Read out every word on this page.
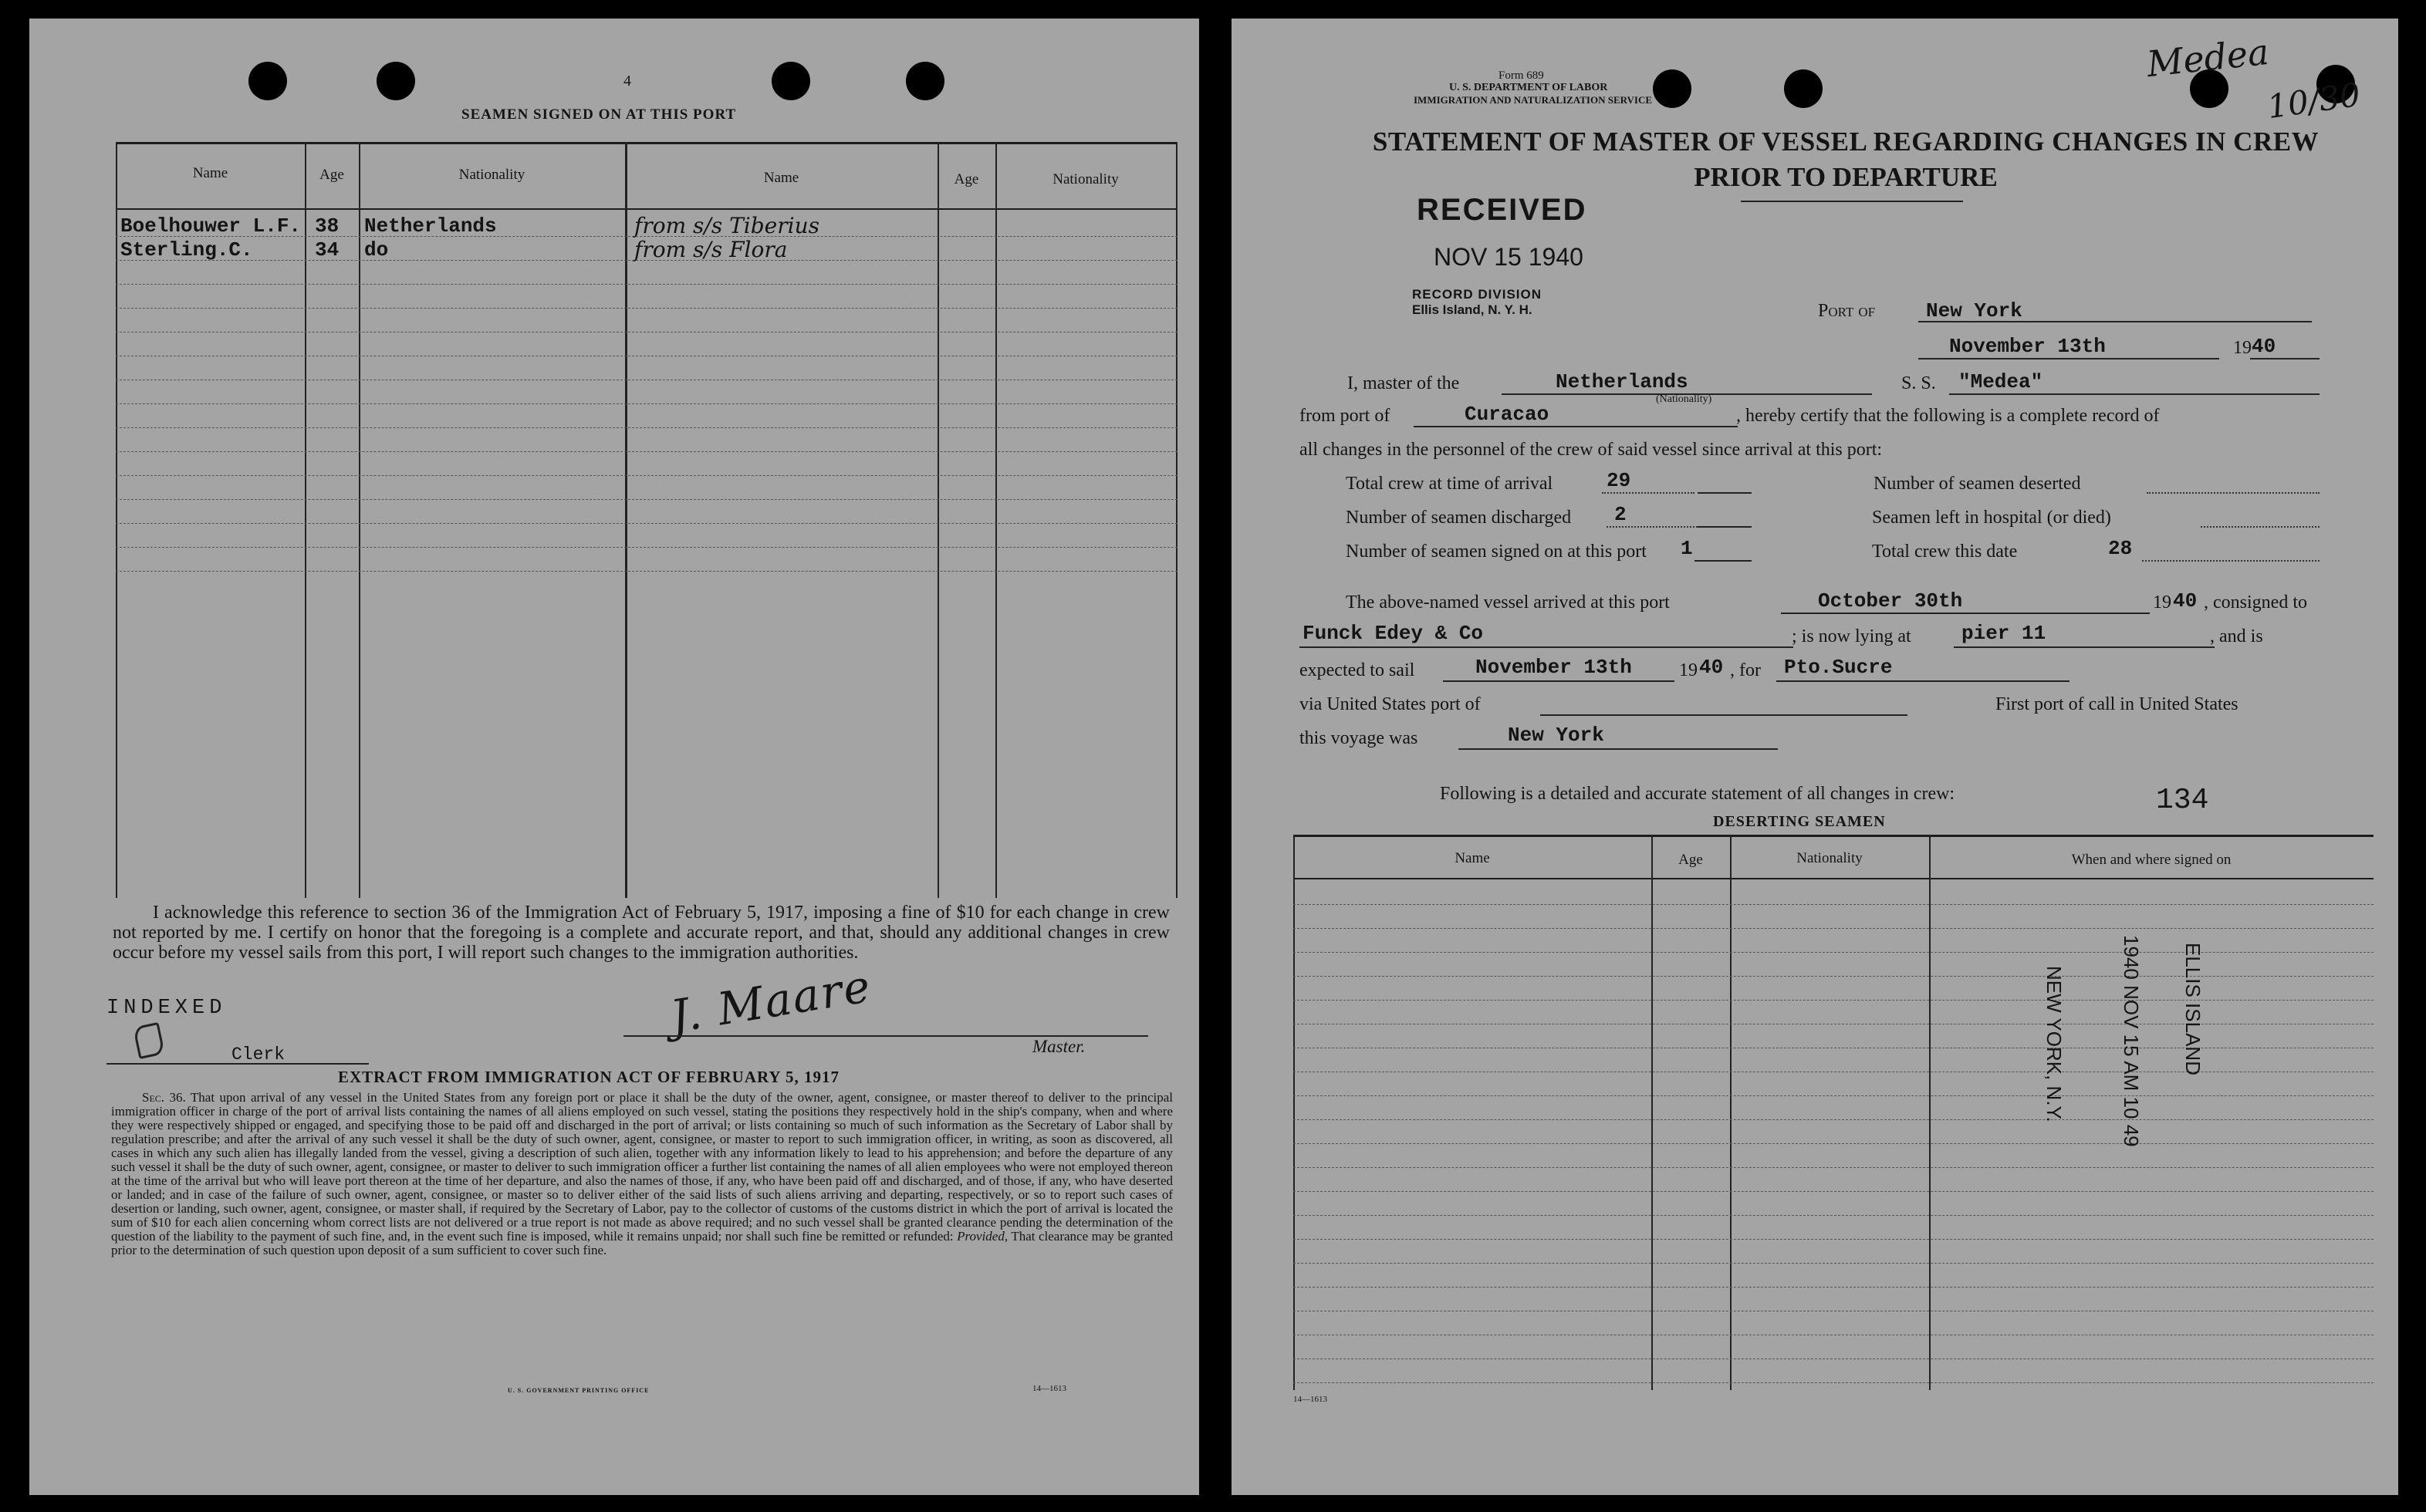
4
SEAMEN SIGNED ON AT THIS PORT
Name	Age	Nationality	Name	Age	Nationality
Boelhouwer L.F. 38 Netherlands	from s/s Tiberius
Sterling.C.	34 do	from s/s Flora
I acknowledge this reference to section 36 of the Immigration Act of February 5, 1917, imposing a fine of $10 for each change in crew not reported by me. I certify on honor that the foregoing is a complete and accurate report, and that, should any additional changes in crew occur before my vessel sails from this port, I will report such changes to the immigration authorities.
INDEXED
Clerk
J. Maare
Master.
EXTRACT FROM IMMIGRATION ACT OF FEBRUARY 5, 1917
Sec. 36. That upon arrival of any vessel in the United States from any foreign port or place it shall be the duty of the owner, agent, consignee, or master thereof to deliver to the principal immigration officer in charge of the port of arrival lists containing the names of all aliens employed on such vessel, stating the positions they respectively hold in the ship's company, when and where they were respectively shipped or engaged, and specifying those to be paid off and discharged in the port of arrival; or lists containing so much of such information as the Secretary of Labor shall by regulation prescribe; and after the arrival of any such vessel it shall be the duty of such owner, agent, consignee, or master to report to such immigration officer, in writing, as soon as discovered, all cases in which any such alien has illegally landed from the vessel, giving a description of such alien, together with any information likely to lead to his apprehension; and before the departure of any such vessel it shall be the duty of such owner, agent, consignee, or master to deliver to such immigration officer a further list containing the names of all alien employees who were not employed thereon at the time of the arrival but who will leave port thereon at the time of her departure, and also the names of those, if any, who have been paid off and discharged, and of those, if any, who have deserted or landed; and in case of the failure of such owner, agent, consignee, or master so to deliver either of the said lists of such aliens arriving and departing, respectively, or so to report such cases of desertion or landing, such owner, agent, consignee, or master shall, if required by the Secretary of Labor, pay to the collector of customs of the customs district in which the port of arrival is located the sum of $10 for each alien concerning whom correct lists are not delivered or a true report is not made as above required; and no such vessel shall be granted clearance pending the determination of the question of the liability to the payment of such fine, and, in the event such fine is imposed, while it remains unpaid; nor shall such fine be remitted or refunded: Provided, That clearance may be granted prior to the determination of such question upon deposit of a sum sufficient to cover such fine.
U. S. GOVERNMENT PRINTING OFFICE	14—1613
Medea
10/30
Form 689
U. S. DEPARTMENT OF LABOR
IMMIGRATION AND NATURALIZATION SERVICE
STATEMENT OF MASTER OF VESSEL REGARDING CHANGES IN CREW
PRIOR TO DEPARTURE
RECEIVED
NOV 15 1940
RECORD DIVISION
Ellis Island, N. Y. H.	Port of	New York
November 13th	19 40
I, master of the	Netherlands
(Nationality)
S. S. "Medea"
from port of	Curacao	, hereby certify that the following is a complete record of
all changes in the personnel of the crew of said vessel since arrival at this port:
Total crew at time of arrival	29	Number of seamen deserted
Number of seamen discharged 2	Seamen left in hospital (or died)
Number of seamen signed on at this port 1	Total crew this date	28
The above-named vessel arrived at this port	October 30th	19 40 , consigned to
Funck Edey & Co	; is now lying at	pier 11	, and is
expected to sail	November 13th	19 40 , for Pto.Sucre
via United States port of	First port of call in United States
this voyage was	New York
Following is a detailed and accurate statement of all changes in crew:	134
DESERTING SEAMEN
Name	Age	Nationality	When and where signed on
ELLIS ISLAND
1940 NOV 15 AM 10 49
NEW YORK, N.Y.
14—1613
